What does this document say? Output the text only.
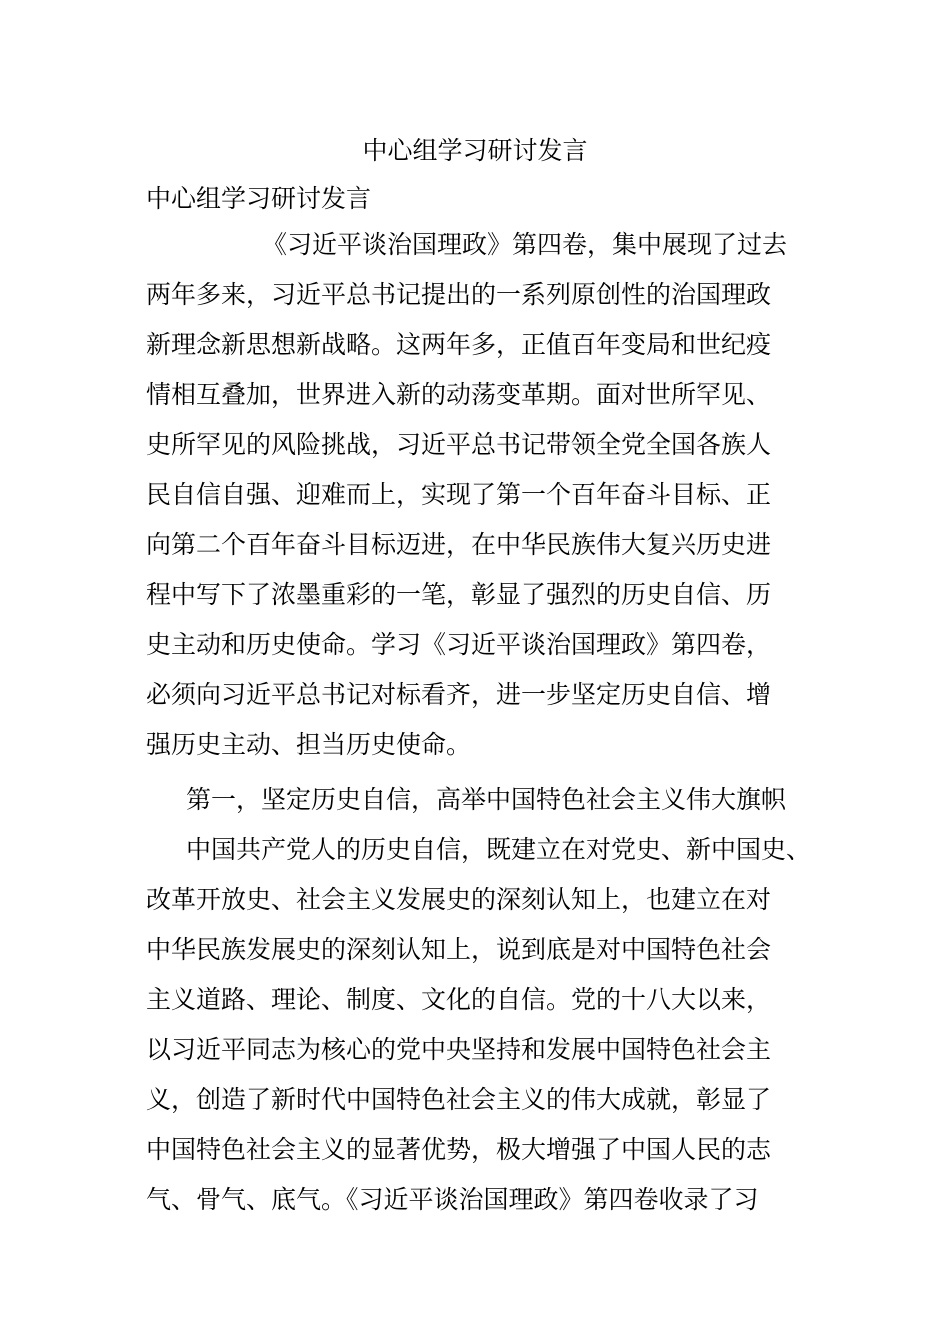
中心组学习研讨发言

中心组学习研讨发言

《习近平谈治国理政》第四卷，集中展现了过去

两年多来，习近平总书记提出的一系列原创性的治国理政

新理念新思想新战略。这两年多，正值百年变局和世纪疫

情相互叠加，世界进入新的动荡变革期。面对世所罕见、

史所罕见的风险挑战，习近平总书记带领全党全国各族人

民自信自强、迎难而上，实现了第一个百年奋斗目标、正

向第二个百年奋斗目标迈进，在中华民族伟大复兴历史进

程中写下了浓墨重彩的一笔，彰显了强烈的历史自信、历

史主动和历史使命。学习《习近平谈治国理政》第四卷，

必须向习近平总书记对标看齐，进一步坚定历史自信、增

强历史主动、担当历史使命。

第一，坚定历史自信，高举中国特色社会主义伟大旗帜

中国共产党人的历史自信，既建立在对党史、新中国史、

改革开放史、社会主义发展史的深刻认知上，也建立在对

中华民族发展史的深刻认知上，说到底是对中国特色社会

主义道路、理论、制度、文化的自信。党的十八大以来，

以习近平同志为核心的党中央坚持和发展中国特色社会主

义，创造了新时代中国特色社会主义的伟大成就，彰显了

中国特色社会主义的显著优势，极大增强了中国人民的志

气、骨气、底气。《习近平谈治国理政》第四卷收录了习
